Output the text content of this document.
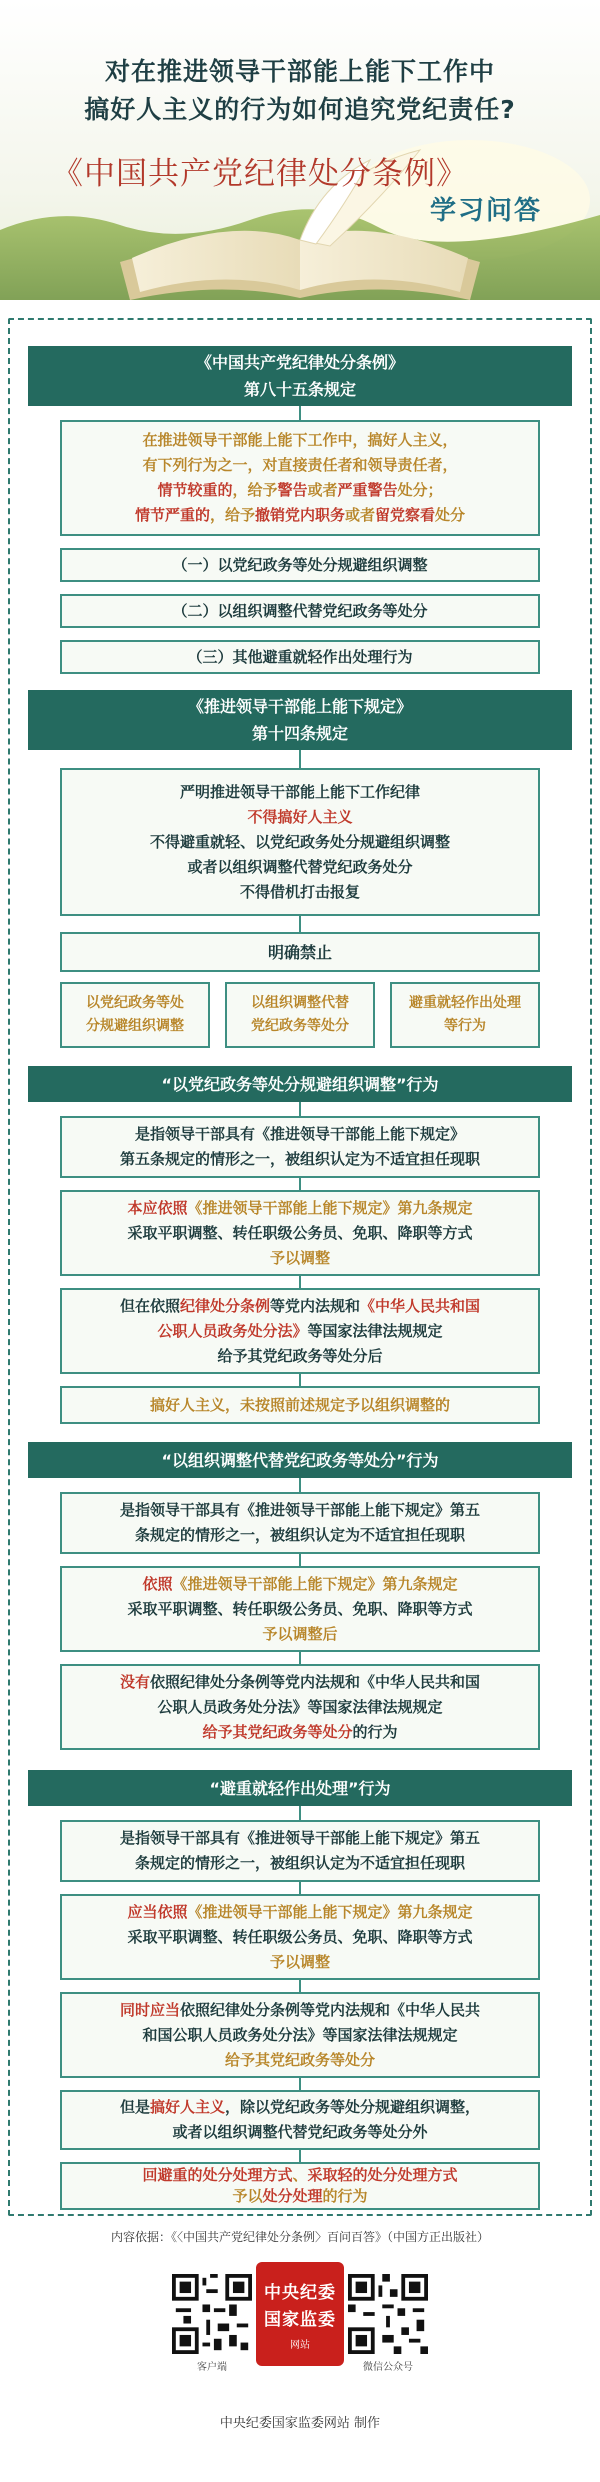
对在推进领导干部能上能下工作中
搞好人主义的行为如何追究党纪责任?
《中国共产党纪律处分条例》
学习问答
《中国共产党纪律处分条例》
第八十五条规定
在推进领导干部能上能下工作中，搞好人主义，
有下列行为之一，对直接责任者和领导责任者，
情节较重的，给予警告或者严重警告处分；
情节严重的，给予撤销党内职务或者留党察看处分
（一）以党纪政务等处分规避组织调整
（二）以组织调整代替党纪政务等处分
（三）其他避重就轻作出处理行为
《推进领导干部能上能下规定》
第十四条规定
严明推进领导干部能上能下工作纪律
不得搞好人主义
不得避重就轻、以党纪政务处分规避组织调整
或者以组织调整代替党纪政务处分
不得借机打击报复
明确禁止
以党纪政务等处
分规避组织调整
以组织调整代替
党纪政务等处分
避重就轻作出处理
等行为
“以党纪政务等处分规避组织调整”行为
是指领导干部具有《推进领导干部能上能下规定》
第五条规定的情形之一，被组织认定为不适宜担任现职
本应依照《推进领导干部能上能下规定》第九条规定
采取平职调整、转任职级公务员、免职、降职等方式
予以调整
但在依照纪律处分条例等党内法规和《中华人民共和国
公职人员政务处分法》等国家法律法规规定
给予其党纪政务等处分后
搞好人主义，未按照前述规定予以组织调整的
“以组织调整代替党纪政务等处分”行为
是指领导干部具有《推进领导干部能上能下规定》第五
条规定的情形之一，被组织认定为不适宜担任现职
依照《推进领导干部能上能下规定》第九条规定
采取平职调整、转任职级公务员、免职、降职等方式
予以调整后
没有依照纪律处分条例等党内法规和《中华人民共和国
公职人员政务处分法》等国家法律法规规定
给予其党纪政务等处分的行为
“避重就轻作出处理”行为
是指领导干部具有《推进领导干部能上能下规定》第五
条规定的情形之一，被组织认定为不适宜担任现职
应当依照《推进领导干部能上能下规定》第九条规定
采取平职调整、转任职级公务员、免职、降职等方式
予以调整
同时应当依照纪律处分条例等党内法规和《中华人民共
和国公职人员政务处分法》等国家法律法规规定
给予其党纪政务等处分
但是搞好人主义，除以党纪政务等处分规避组织调整，
或者以组织调整代替党纪政务等处分外
回避重的处分处理方式、采取轻的处分处理方式
予以处分处理的行为
内容依据：《〈中国共产党纪律处分条例〉百问百答》（中国方正出版社）
客户端
中央纪委
国家监委
网站
微信公众号
中央纪委国家监委网站 制作
